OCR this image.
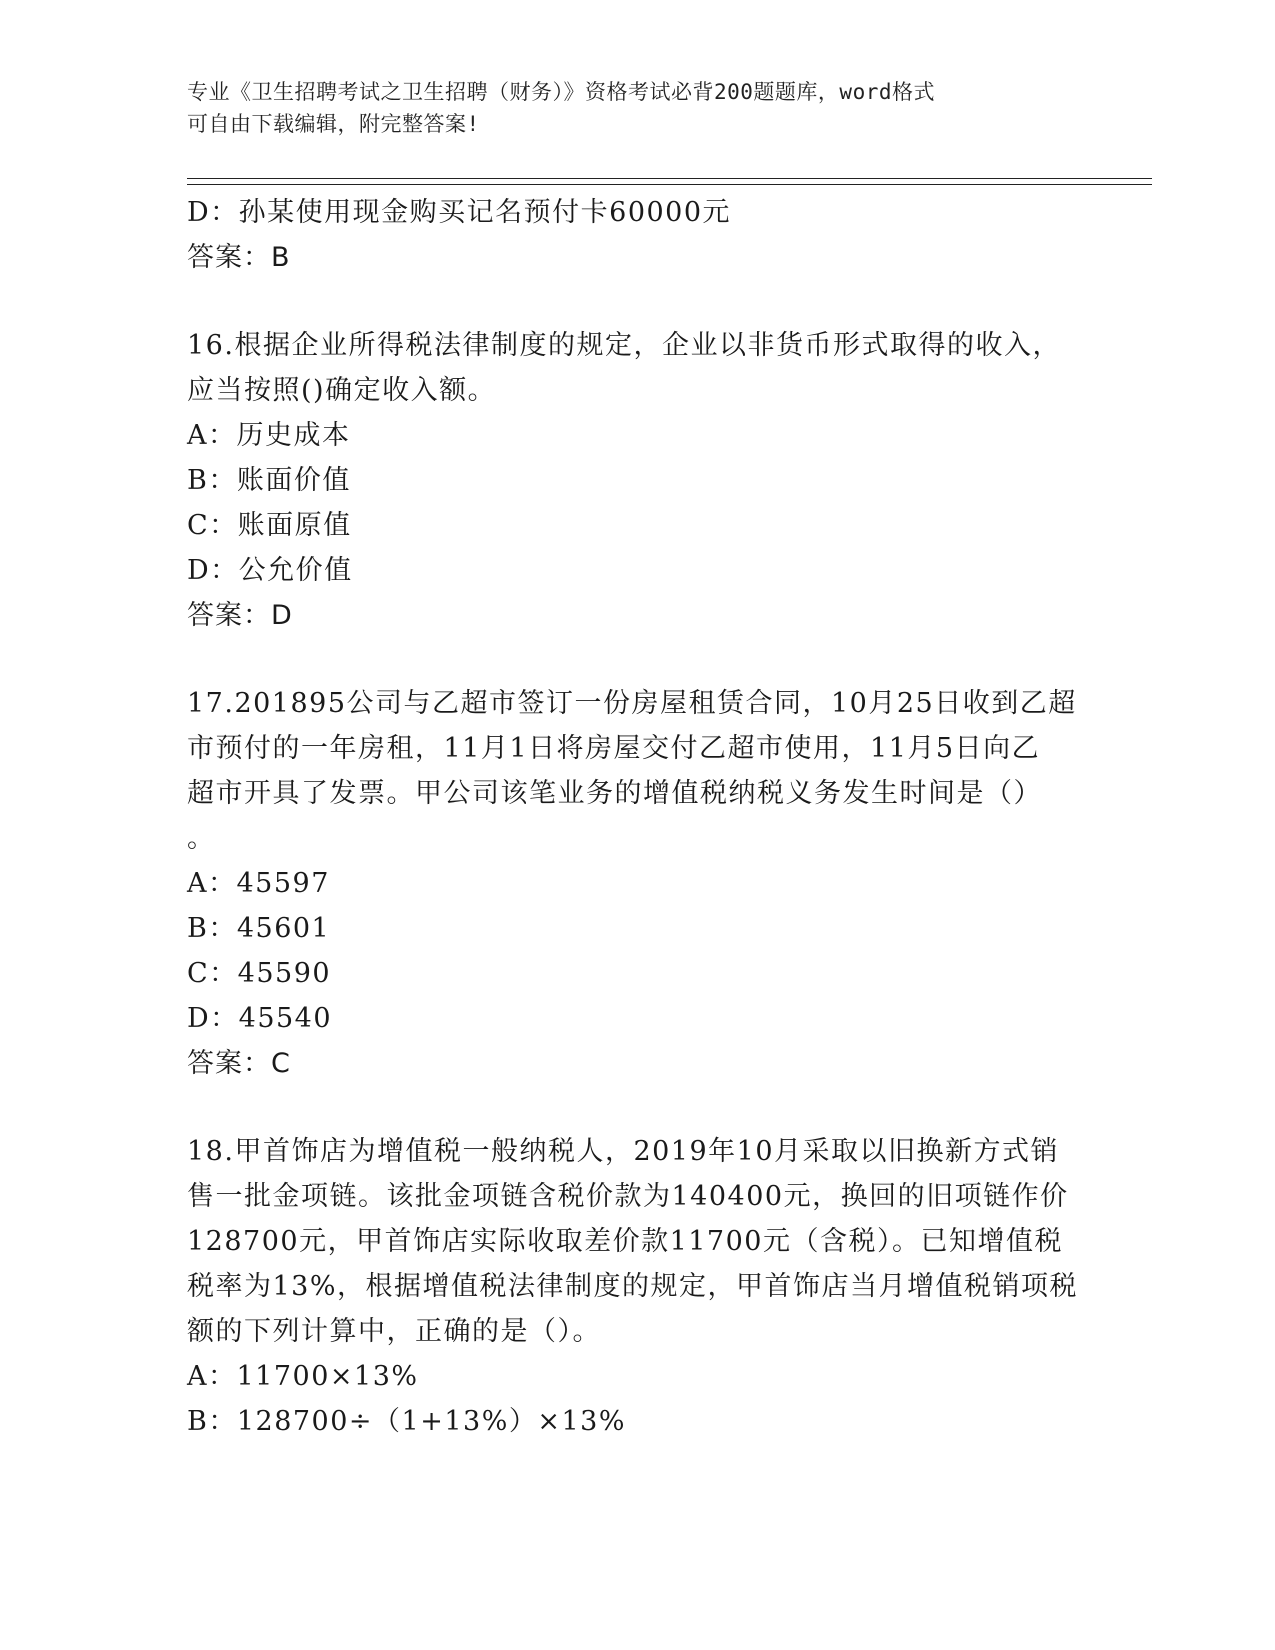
专业《卫生招聘考试之卫生招聘（财务）》资格考试必背200题题库，word格式
可自由下载编辑，附完整答案!
D：孙某使用现金购买记名预付卡60000元
答案：B
16.根据企业所得税法律制度的规定，企业以非货币形式取得的收入，
应当按照()确定收入额。
A：历史成本
B：账面价值
C：账面原值
D：公允价值
答案：D
17.201895公司与乙超市签订一份房屋租赁合同，10月25日收到乙超
市预付的一年房租，11月1日将房屋交付乙超市使用，11月5日向乙
超市开具了发票。甲公司该笔业务的增值税纳税义务发生时间是（）
。
A：45597
B：45601
C：45590
D：45540
答案：C
18.甲首饰店为增值税一般纳税人，2019年10月采取以旧换新方式销
售一批金项链。该批金项链含税价款为140400元，换回的旧项链作价
128700元，甲首饰店实际收取差价款11700元（含税）。已知增值税
税率为13%，根据增值税法律制度的规定，甲首饰店当月增值税销项税
额的下列计算中，正确的是（）。
A：11700×13%
B：128700÷（1+13%）×13%
